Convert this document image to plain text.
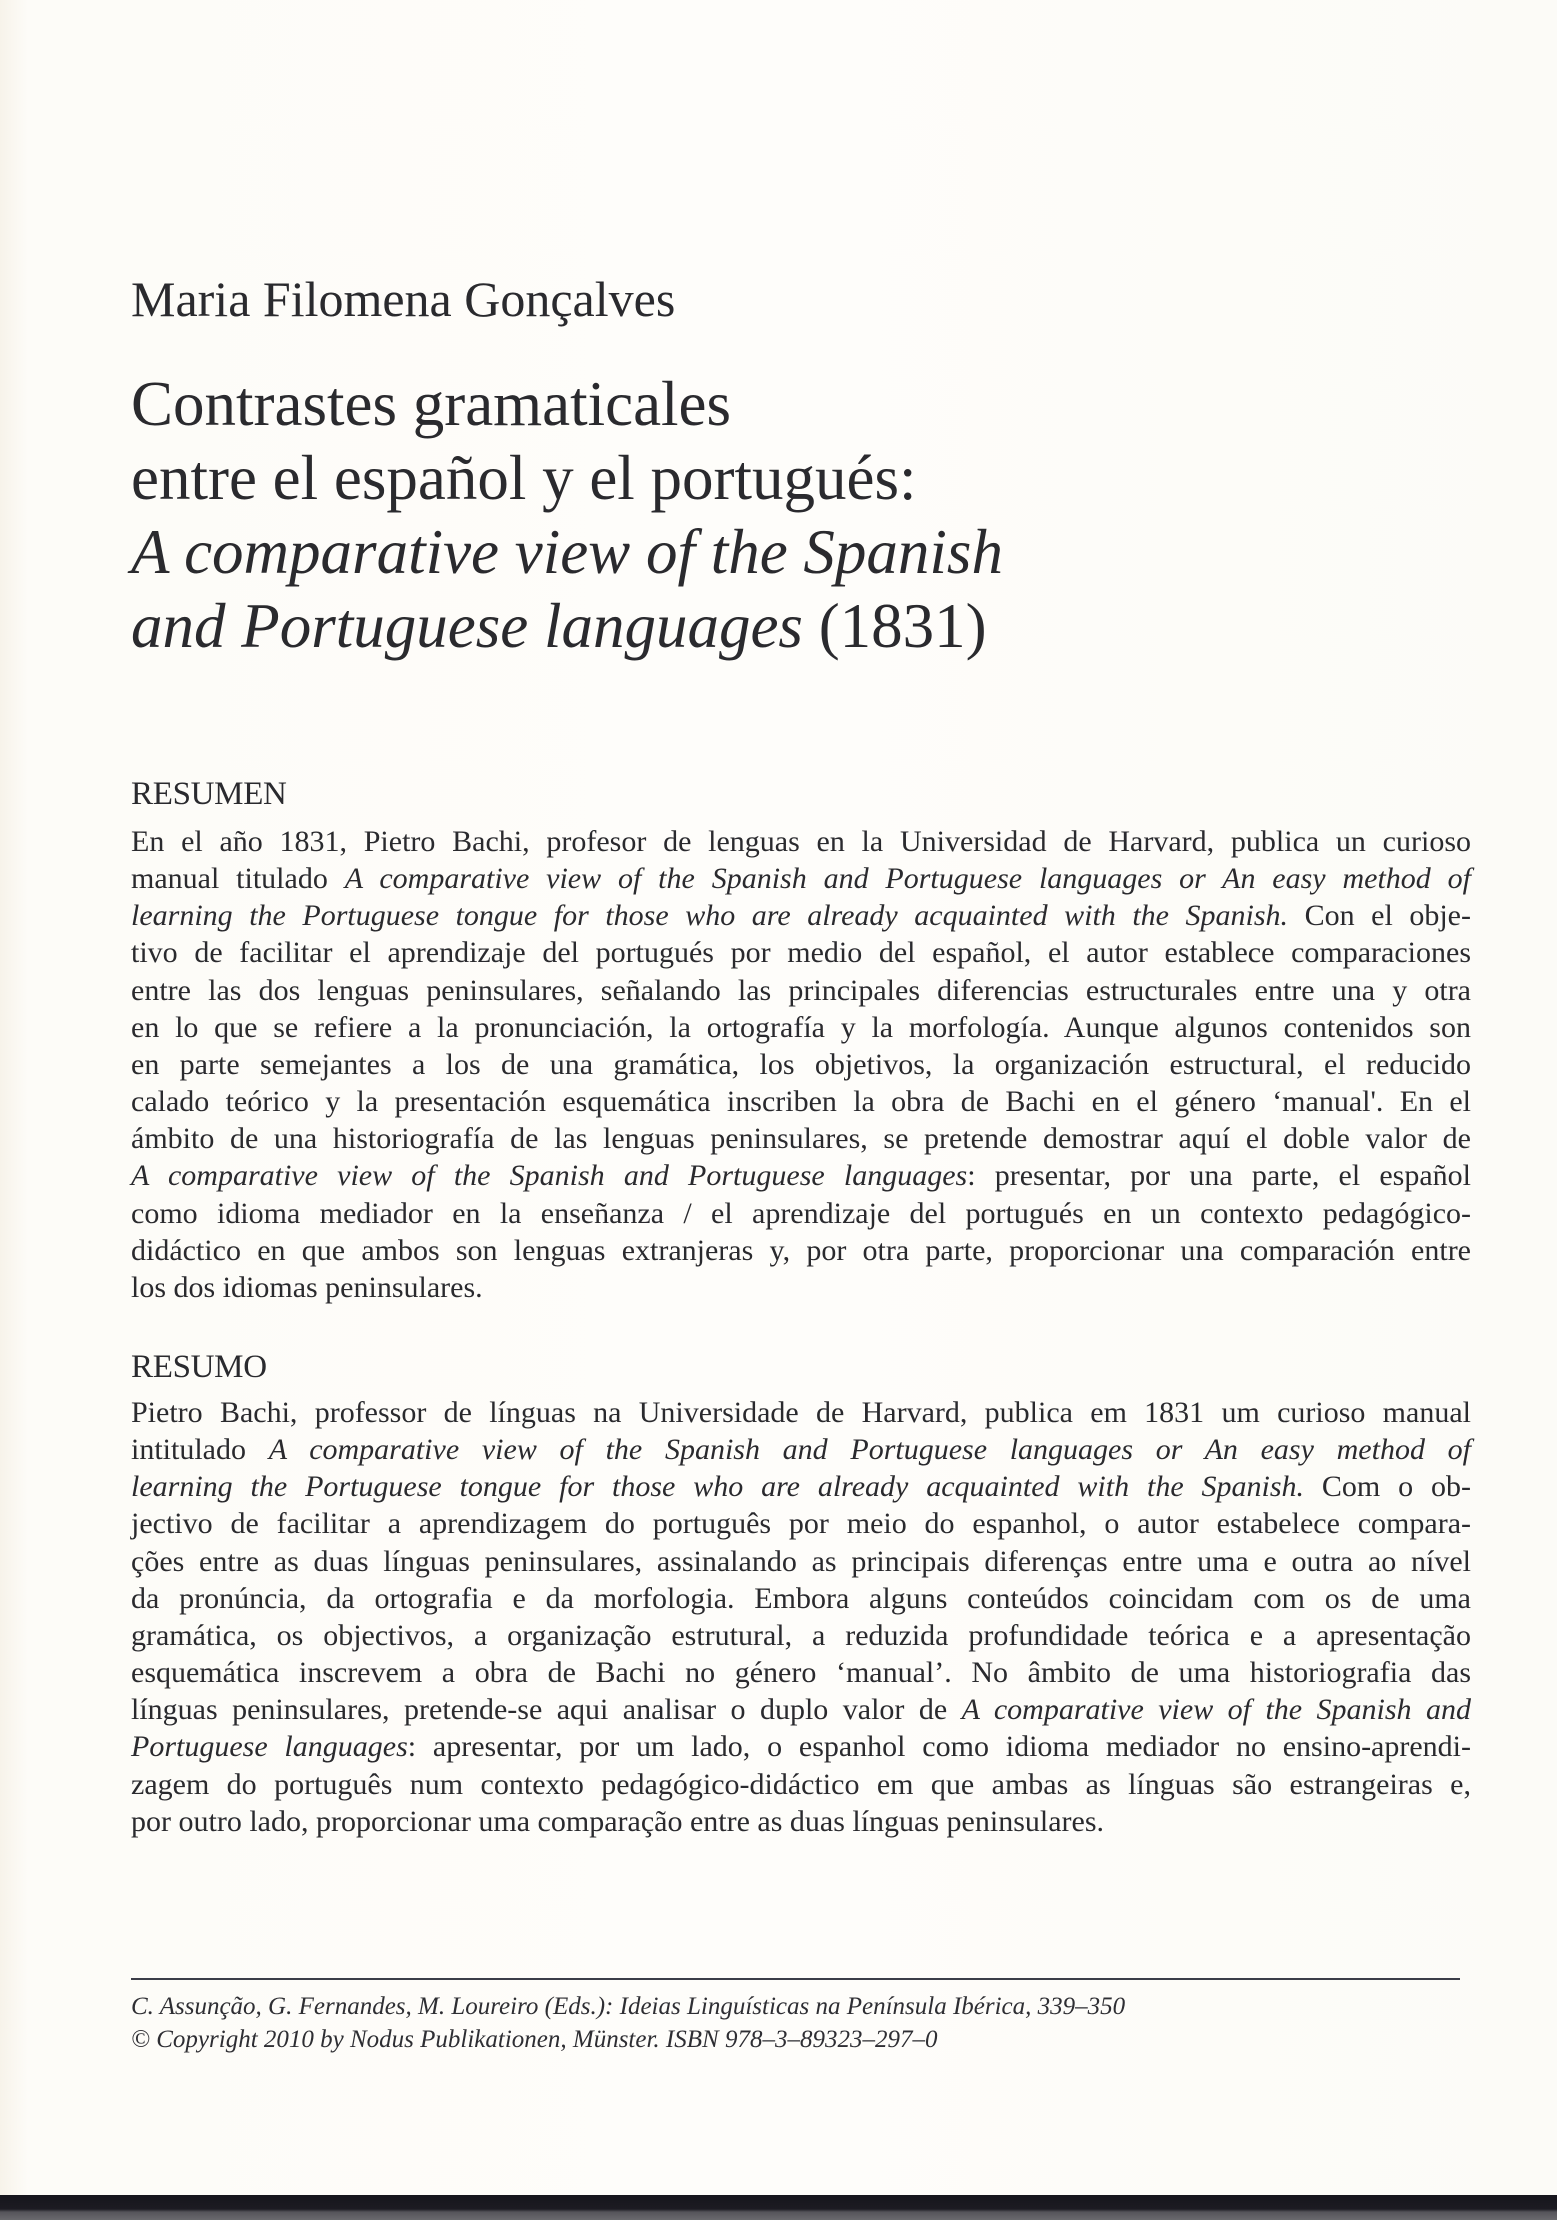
Maria Filomena Gonçalves
Contrastes gramaticales
entre el español y el portugués:
A comparative view of the Spanish
and Portuguese languages (1831)
RESUMEN
En el año 1831, Pietro Bachi, profesor de lenguas en la Universidad de Harvard, publica un curioso
manual titulado A comparative view of the Spanish and Portuguese languages or An easy method of
learning the Portuguese tongue for those who are already acquainted with the Spanish. Con el obje-
tivo de facilitar el aprendizaje del portugués por medio del español, el autor establece comparaciones
entre las dos lenguas peninsulares, señalando las principales diferencias estructurales entre una y otra
en lo que se refiere a la pronunciación, la ortografía y la morfología. Aunque algunos contenidos son
en parte semejantes a los de una gramática, los objetivos, la organización estructural, el reducido
calado teórico y la presentación esquemática inscriben la obra de Bachi en el género ‘manual'. En el
ámbito de una historiografía de las lenguas peninsulares, se pretende demostrar aquí el doble valor de
A comparative view of the Spanish and Portuguese languages: presentar, por una parte, el español
como idioma mediador en la enseñanza / el aprendizaje del portugués en un contexto pedagógico-
didáctico en que ambos son lenguas extranjeras y, por otra parte, proporcionar una comparación entre
los dos idiomas peninsulares.
RESUMO
Pietro Bachi, professor de línguas na Universidade de Harvard, publica em 1831 um curioso manual
intitulado A comparative view of the Spanish and Portuguese languages or An easy method of
learning the Portuguese tongue for those who are already acquainted with the Spanish. Com o ob-
jectivo de facilitar a aprendizagem do português por meio do espanhol, o autor estabelece compara-
ções entre as duas línguas peninsulares, assinalando as principais diferenças entre uma e outra ao nível
da pronúncia, da ortografia e da morfologia. Embora alguns conteúdos coincidam com os de uma
gramática, os objectivos, a organização estrutural, a reduzida profundidade teórica e a apresentação
esquemática inscrevem a obra de Bachi no género ‘manual’. No âmbito de uma historiografia das
línguas peninsulares, pretende-se aqui analisar o duplo valor de A comparative view of the Spanish and
Portuguese languages: apresentar, por um lado, o espanhol como idioma mediador no ensino-aprendi-
zagem do português num contexto pedagógico-didáctico em que ambas as línguas são estrangeiras e,
por outro lado, proporcionar uma comparação entre as duas línguas peninsulares.
C. Assunção, G. Fernandes, M. Loureiro (Eds.): Ideias Linguísticas na Península Ibérica, 339–350
© Copyright 2010 by Nodus Publikationen, Münster. ISBN 978–3–89323–297–0
